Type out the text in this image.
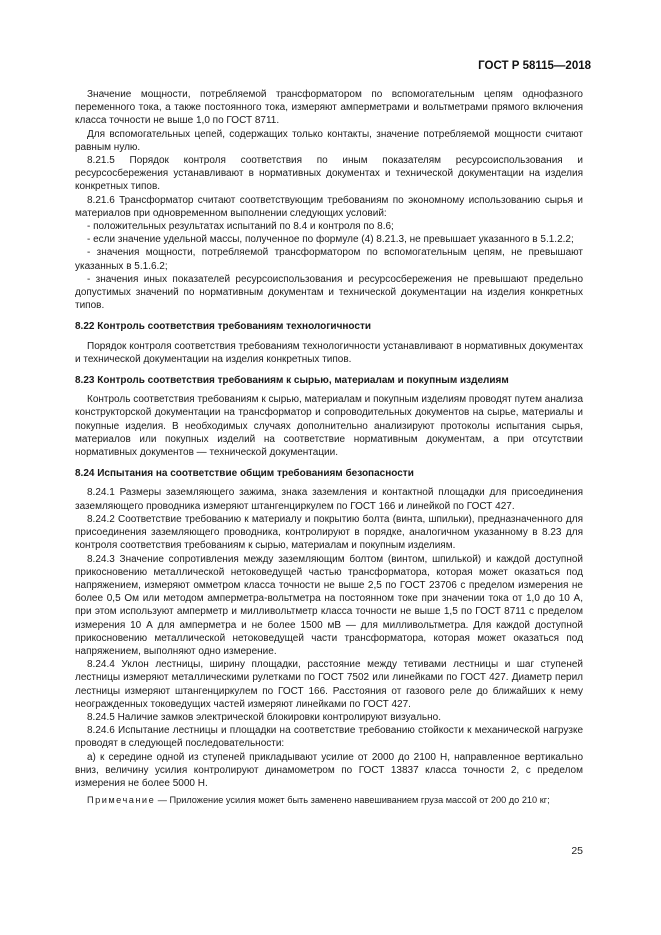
ГОСТ Р 58115—2018

Значение мощности, потребляемой трансформатором по вспомогательным цепям однофазного переменного тока, а также постоянного тока, измеряют амперметрами и вольтметрами прямого включения класса точности не выше 1,0 по ГОСТ 8711.

Для вспомогательных цепей, содержащих только контакты, значение потребляемой мощности считают равным нулю.

8.21.5 Порядок контроля соответствия по иным показателям ресурсоиспользования и ресурсосбережения устанавливают в нормативных документах и технической документации на изделия конкретных типов.

8.21.6 Трансформатор считают соответствующим требованиям по экономному использованию сырья и материалов при одновременном выполнении следующих условий:

- положительных результатах испытаний по 8.4 и контроля по 8.6;

- если значение удельной массы, полученное по формуле (4) 8.21.3, не превышает указанного в 5.1.2.2;

- значения мощности, потребляемой трансформатором по вспомогательным цепям, не превышают указанных в 5.1.6.2;

- значения иных показателей ресурсоиспользования и ресурсосбережения не превышают предельно допустимых значений по нормативным документам и технической документации на изделия конкретных типов.

8.22 Контроль соответствия требованиям технологичности

Порядок контроля соответствия требованиям технологичности устанавливают в нормативных документах и технической документации на изделия конкретных типов.

8.23 Контроль соответствия требованиям к сырью, материалам и покупным изделиям

Контроль соответствия требованиям к сырью, материалам и покупным изделиям проводят путем анализа конструкторской документации на трансформатор и сопроводительных документов на сырье, материалы и покупные изделия. В необходимых случаях дополнительно анализируют протоколы испытания сырья, материалов или покупных изделий на соответствие нормативным документам, а при отсутствии нормативных документов — технической документации.

8.24 Испытания на соответствие общим требованиям безопасности

8.24.1 Размеры заземляющего зажима, знака заземления и контактной площадки для присоединения заземляющего проводника измеряют штангенциркулем по ГОСТ 166 и линейкой по ГОСТ 427.

8.24.2 Соответствие требованию к материалу и покрытию болта (винта, шпильки), предназначенного для присоединения заземляющего проводника, контролируют в порядке, аналогичном указанному в 8.23 для контроля соответствия требованиям к сырью, материалам и покупным изделиям.

8.24.3 Значение сопротивления между заземляющим болтом (винтом, шпилькой) и каждой доступной прикосновению металлической нетоковедущей частью трансформатора, которая может оказаться под напряжением, измеряют омметром класса точности не выше 2,5 по ГОСТ 23706 с пределом измерения не более 0,5 Ом или методом амперметра-вольтметра на постоянном токе при значении тока от 1,0 до 10 А, при этом используют амперметр и милливольтметр класса точности не выше 1,5 по ГОСТ 8711 с пределом измерения 10 А для амперметра и не более 1500 мВ — для милливольтметра. Для каждой доступной прикосновению металлической нетоковедущей части трансформатора, которая может оказаться под напряжением, выполняют одно измерение.

8.24.4 Уклон лестницы, ширину площадки, расстояние между тетивами лестницы и шаг ступеней лестницы измеряют металлическими рулетками по ГОСТ 7502 или линейками по ГОСТ 427. Диаметр перил лестницы измеряют штангенциркулем по ГОСТ 166. Расстояния от газового реле до ближайших к нему неогражденных токоведущих частей измеряют линейками по ГОСТ 427.

8.24.5 Наличие замков электрической блокировки контролируют визуально.

8.24.6 Испытание лестницы и площадки на соответствие требованию стойкости к механической нагрузке проводят в следующей последовательности:

а) к середине одной из ступеней прикладывают усилие от 2000 до 2100 Н, направленное вертикально вниз, величину усилия контролируют динамометром по ГОСТ 13837 класса точности 2, с пределом измерения не более 5000 Н.

Примечание — Приложение усилия может быть заменено навешиванием груза массой от 200 до 210 кг;

25
